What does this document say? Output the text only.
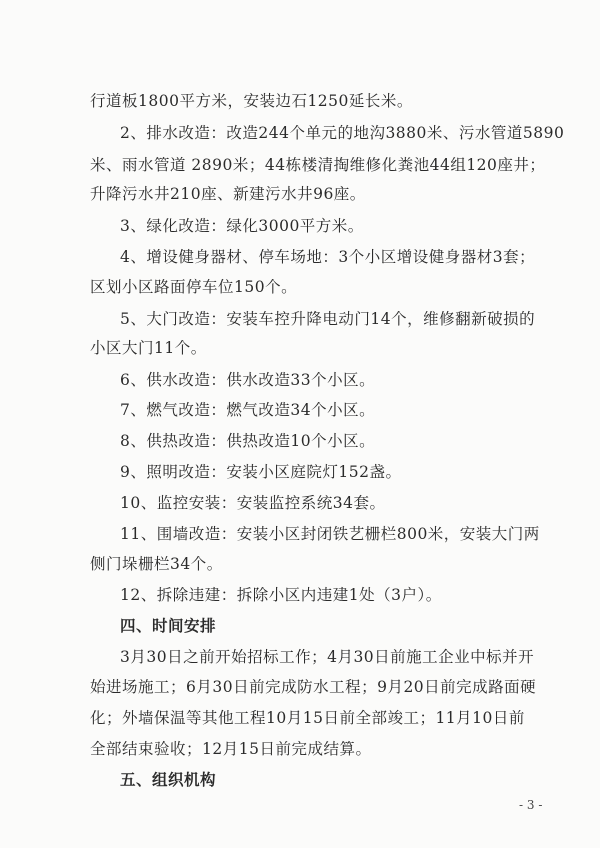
行道板1800平方米，安装边石1250延长米。
2、排水改造：改造244个单元的地沟3880米、污水管道5890
米、雨水管道 2890米；44栋楼清掏维修化粪池44组120座井；
升降污水井210座、新建污水井96座。
3、绿化改造：绿化3000平方米。
4、增设健身器材、停车场地：3个小区增设健身器材3套；
区划小区路面停车位150个。
5、大门改造：安装车控升降电动门14个，维修翻新破损的
小区大门11个。
6、供水改造：供水改造33个小区。
7、燃气改造：燃气改造34个小区。
8、供热改造：供热改造10个小区。
9、照明改造：安装小区庭院灯152盏。
10、监控安装：安装监控系统34套。
11、围墙改造：安装小区封闭铁艺栅栏800米，安装大门两
侧门垛栅栏34个。
12、拆除违建：拆除小区内违建1处（3户）。
四、时间安排
3月30日之前开始招标工作；4月30日前施工企业中标并开
始进场施工；6月30日前完成防水工程；9月20日前完成路面硬
化；外墙保温等其他工程10月15日前全部竣工；11月10日前
全部结束验收；12月15日前完成结算。
五、组织机构
- 3 -
